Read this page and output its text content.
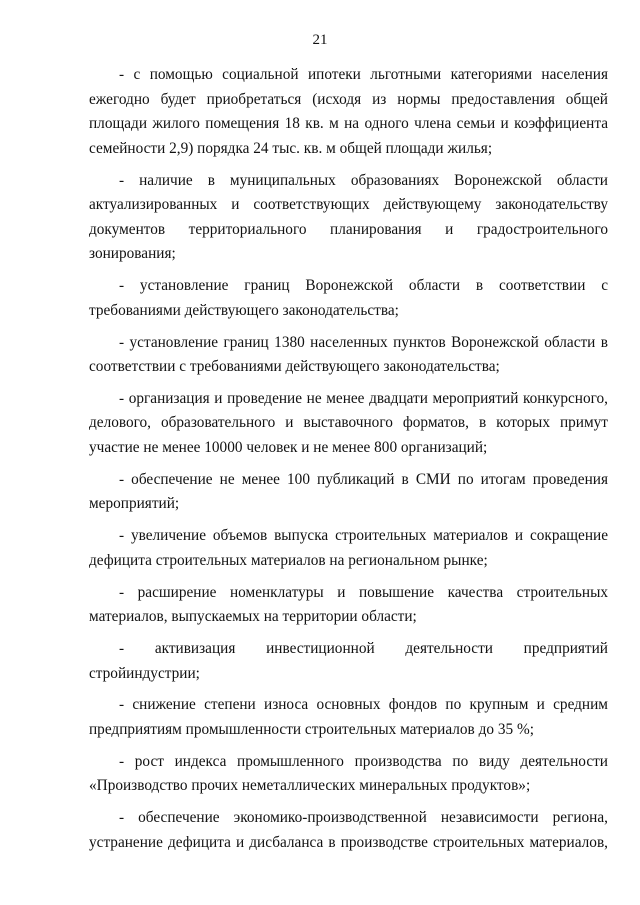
21

- с помощью социальной ипотеки льготными категориями населения ежегодно будет приобретаться (исходя из нормы предоставления общей площади жилого помещения 18 кв. м на одного члена семьи и коэффициента семейности 2,9) порядка 24 тыс. кв. м общей площади жилья;

- наличие в муниципальных образованиях Воронежской области актуализированных и соответствующих действующему законодательству документов территориального планирования и градостроительного зонирования;

- установление границ Воронежской области в соответствии с требованиями действующего законодательства;

- установление границ 1380 населенных пунктов Воронежской области в соответствии с требованиями действующего законодательства;

- организация и проведение не менее двадцати мероприятий конкурсного, делового, образовательного и выставочного форматов, в которых примут участие не менее 10000 человек и не менее 800 организаций;

- обеспечение не менее 100 публикаций в СМИ по итогам проведения мероприятий;

- увеличение объемов выпуска строительных материалов и сокращение дефицита строительных материалов на региональном рынке;

- расширение номенклатуры и повышение качества строительных материалов, выпускаемых на территории области;

- активизация инвестиционной деятельности предприятий стройиндустрии;

- снижение степени износа основных фондов по крупным и средним предприятиям промышленности строительных материалов до 35 %;

- рост индекса промышленного производства по виду деятельности «Производство прочих неметаллических минеральных продуктов»;

- обеспечение экономико-производственной независимости региона, устранение дефицита и дисбаланса в производстве строительных материалов,
